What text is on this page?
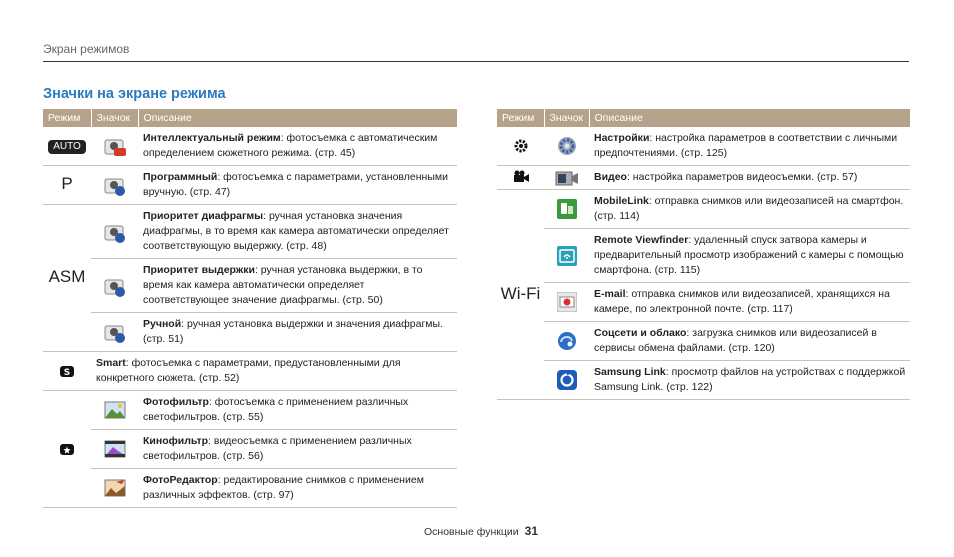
Экран режимов
Значки на экране режима
Режим	Значок	Описание
AUTO		Интеллектуальный режим: фотосъемка с автоматическим определением сюжетного режима. (стр. 45)
P		Программный: фотосъемка с параметрами, установленными вручную. (стр. 47)
ASM		Приоритет диафрагмы: ручная установка значения диафрагмы, в то время как камера автоматически определяет соответствующую выдержку. (стр. 48)
	Приоритет выдержки: ручная установка выдержки, в то время как камера автоматически определяет соответствующее значение диафрагмы. (стр. 50)
	Ручной: ручная установка выдержки и значения диафрагмы. (стр. 51)

S	Smart: фотосъемка с параметрами, предустановленными для конкретного сюжета. (стр. 52)	
		Фотофильтр: фотосъемка с применением различных светофильтров. (стр. 55)
	Кинофильтр: видеосъемка с применением различных светофильтров. (стр. 56)
	ФотоРедактор: редактирование снимков с применением различных эффектов. (стр. 97)
Режим	Значок	Описание
		Настройки: настройка параметров в соответствии с личными предпочтениями. (стр. 125)
		Видео: настройка параметров видеосъемки. (стр. 57)
Wi-Fi		MobileLink: отправка снимков или видеозаписей на смартфон. (стр. 114)
	Remote Viewfinder: удаленный спуск затвора камеры и предварительный просмотр изображений с камеры с помощью смартфона. (стр. 115)
	E-mail: отправка снимков или видеозаписей, хранящихся на камере, по электронной почте. (стр. 117)
	Соцсети и облако: загрузка снимков или видеозаписей в сервисы обмена файлами. (стр. 120)
	Samsung Link: просмотр файлов на устройствах с поддержкой Samsung Link. (стр. 122)
Основные функции 31
